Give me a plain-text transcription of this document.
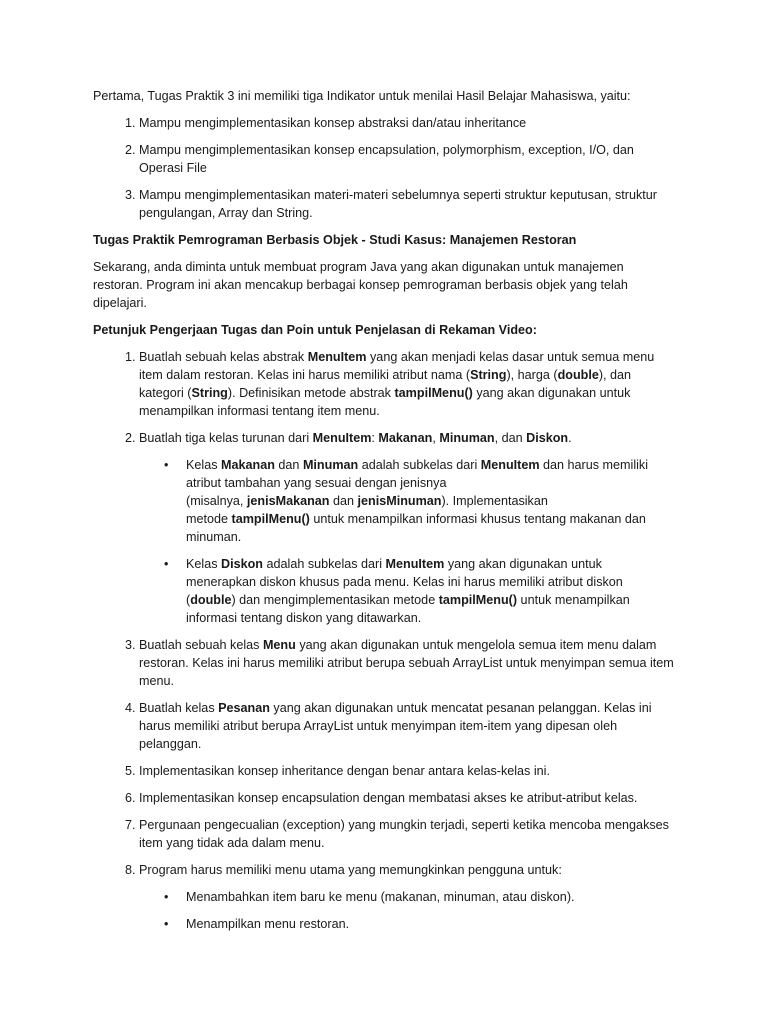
Pertama, Tugas Praktik 3 ini memiliki tiga Indikator untuk menilai Hasil Belajar Mahasiswa, yaitu:

1. Mampu mengimplementasikan konsep abstraksi dan/atau inheritance
2. Mampu mengimplementasikan konsep encapsulation, polymorphism, exception, I/O, dan Operasi File
3. Mampu mengimplementasikan materi-materi sebelumnya seperti struktur keputusan, struktur pengulangan, Array dan String.

Tugas Praktik Pemrograman Berbasis Objek - Studi Kasus: Manajemen Restoran

Sekarang, anda diminta untuk membuat program Java yang akan digunakan untuk manajemen restoran. Program ini akan mencakup berbagai konsep pemrograman berbasis objek yang telah dipelajari.

Petunjuk Pengerjaan Tugas dan Poin untuk Penjelasan di Rekaman Video:

1. Buatlah sebuah kelas abstrak MenuItem yang akan menjadi kelas dasar untuk semua menu item dalam restoran. Kelas ini harus memiliki atribut nama (String), harga (double), dan kategori (String). Definisikan metode abstrak tampilMenu() yang akan digunakan untuk menampilkan informasi tentang item menu.
2. Buatlah tiga kelas turunan dari MenuItem: Makanan, Minuman, dan Diskon.
• Kelas Makanan dan Minuman adalah subkelas dari MenuItem dan harus memiliki atribut tambahan yang sesuai dengan jenisnya
(misalnya, jenisMakanan dan jenisMinuman). Implementasikan
metode tampilMenu() untuk menampilkan informasi khusus tentang makanan dan minuman.
• Kelas Diskon adalah subkelas dari MenuItem yang akan digunakan untuk menerapkan diskon khusus pada menu. Kelas ini harus memiliki atribut diskon (double) dan mengimplementasikan metode tampilMenu() untuk menampilkan informasi tentang diskon yang ditawarkan.
3. Buatlah sebuah kelas Menu yang akan digunakan untuk mengelola semua item menu dalam restoran. Kelas ini harus memiliki atribut berupa sebuah ArrayList untuk menyimpan semua item menu.
4. Buatlah kelas Pesanan yang akan digunakan untuk mencatat pesanan pelanggan. Kelas ini harus memiliki atribut berupa ArrayList untuk menyimpan item-item yang dipesan oleh pelanggan.
5. Implementasikan konsep inheritance dengan benar antara kelas-kelas ini.
6. Implementasikan konsep encapsulation dengan membatasi akses ke atribut-atribut kelas.
7. Pergunaan pengecualian (exception) yang mungkin terjadi, seperti ketika mencoba mengakses item yang tidak ada dalam menu.
8. Program harus memiliki menu utama yang memungkinkan pengguna untuk:
• Menambahkan item baru ke menu (makanan, minuman, atau diskon).
• Menampilkan menu restoran.
